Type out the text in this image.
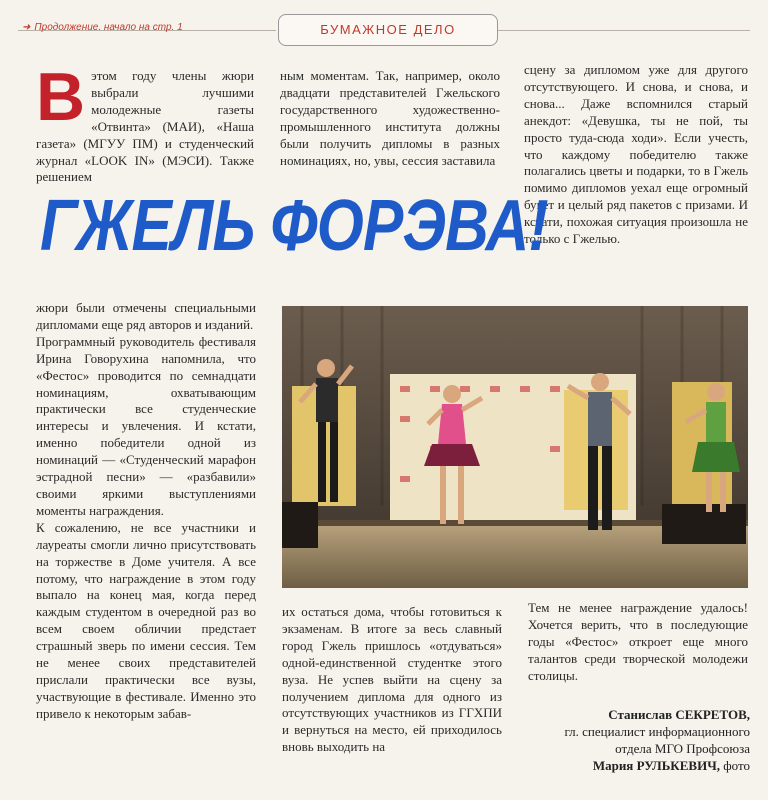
➜ Продолжение. начало на стр. 1	БУМАЖНОЕ ДЕЛО
Вэтом году члены жюри выбрали лучшими молодежные газеты «Отвинта» (МАИ), «Наша газета» (МГУУ ПМ) и студенческий журнал «LOOK IN» (МЭСИ). Также решением
ным моментам. Так, например, около двадцати представителей Гжельского государственного художественно-промышленного института должны были получить дипломы в разных номинациях, но, увы, сессия заставила
сцену за дипломом уже для другого отсутствующего. И снова, и снова, и снова... Даже вспомнился старый анекдот: «Девушка, ты не пой, ты просто туда-сюда ходи». Если учесть, что каждому победителю также полагались цветы и подарки, то в Гжель помимо дипломов уехал еще огромный букет и целый ряд пакетов с призами. И кстати, похожая ситуация произошла не только с Гжелью.
ГЖЕЛЬ ФОРЭВА!

жюри были отмечены специальными дипломами еще ряд авторов и изданий.

Программный руководитель фестиваля Ирина Говорухина напомнила, что «Фестос» проводится по семнадцати номинациям, охватывающим практически все студенческие интересы и увлечения. И кстати, именно победители одной из номинаций — «Студенческий марафон эстрадной песни» — «разбавили» своими яркими выступлениями моменты награждения.

К сожалению, не все участники и лауреаты смогли лично присутствовать на торжестве в Доме учителя. А все потому, что награждение в этом году выпало на конец мая, когда перед каждым студентом в очередной раз во всем своем обличии предстает страшный зверь по имени сессия. Тем не менее своих представителей прислали практически все вузы, участвующие в фестивале. Именно это привело к некоторым забав-

их остаться дома, чтобы готовиться к экзаменам. В итоге за весь славный город Гжель пришлось «отдуваться» одной-единственной студентке этого вуза. Не успев выйти на сцену за получением диплома для одного из отсутствующих участников из ГГХПИ и вернуться на место, ей приходилось вновь выходить на
Тем не менее награждение удалось! Хочется верить, что в последующие годы «Фестос» откроет еще много талантов среди творческой молодежи столицы.
Станислав СЕКРЕТОВ,
гл. специалист информационного отдела МГО Профсоюза
Мария РУЛЬКЕВИЧ, фото
